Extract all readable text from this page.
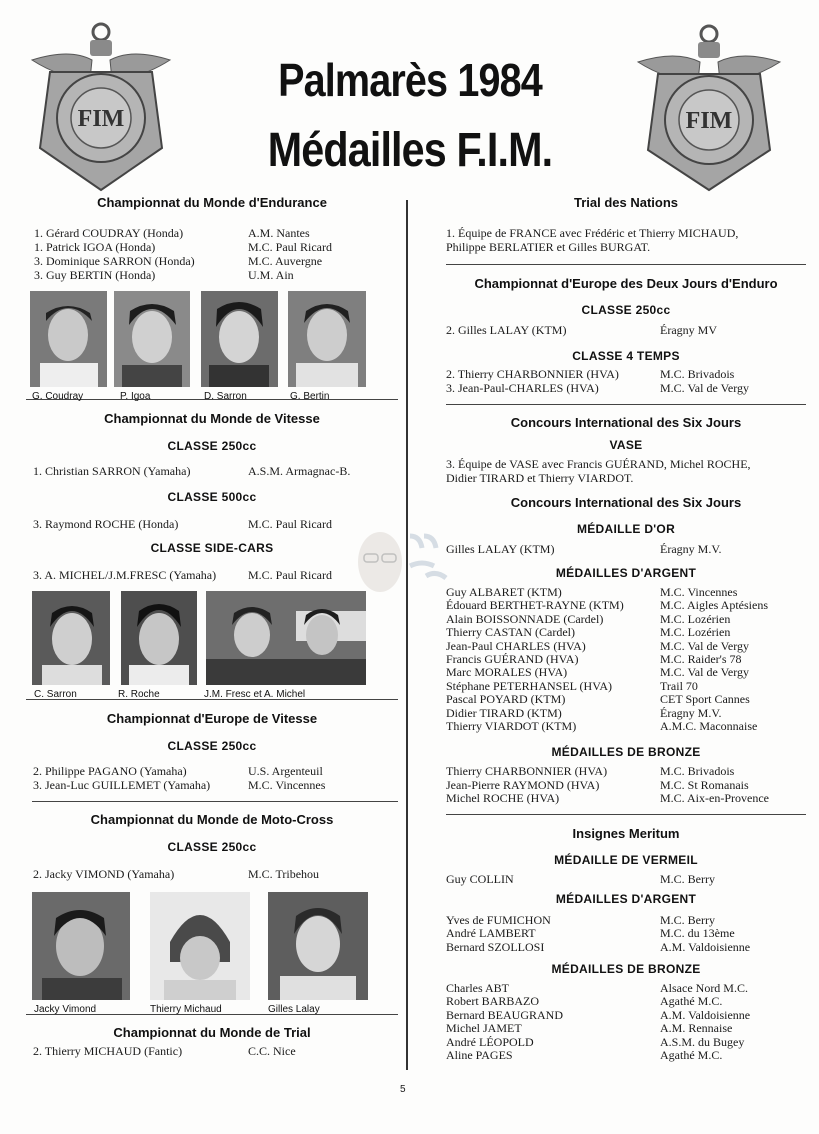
FIM	FIM
Palmarès 1984
Médailles F.I.M.
Championnat du Monde d'Endurance
1. Gérard COUDRAY (Honda)	A.M. Nantes
1. Patrick IGOA (Honda)	M.C. Paul Ricard
3. Dominique SARRON (Honda)	M.C. Auvergne
3. Guy BERTIN (Honda)	U.M. Ain
G. Coudray	P. Igoa	D. Sarron	G. Bertin
Championnat du Monde de Vitesse
CLASSE 250cc
1. Christian SARRON (Yamaha)	A.S.M. Armagnac-B.
CLASSE 500cc
3. Raymond ROCHE (Honda)	M.C. Paul Ricard
CLASSE SIDE-CARS
3. A. MICHEL/J.M.FRESC (Yamaha)	M.C. Paul Ricard
C. Sarron	R. Roche	J.M. Fresc et A. Michel
Championnat d'Europe de Vitesse
CLASSE 250cc
2. Philippe PAGANO (Yamaha)	U.S. Argenteuil
3. Jean-Luc GUILLEMET (Yamaha)	M.C. Vincennes
Championnat du Monde de Moto-Cross
CLASSE 250cc
2. Jacky VIMOND (Yamaha)	M.C. Tribehou
Jacky Vimond	Thierry Michaud	Gilles Lalay
Championnat du Monde de Trial
2. Thierry MICHAUD (Fantic)	C.C. Nice
Trial des Nations
1. Équipe de FRANCE avec Frédéric et Thierry MICHAUD,
Philippe BERLATIER et Gilles BURGAT.
Championnat d'Europe des Deux Jours d'Enduro
CLASSE 250cc
2. Gilles LALAY (KTM)	Éragny MV
CLASSE 4 TEMPS
2. Thierry CHARBONNIER (HVA)	M.C. Brivadois
3. Jean-Paul-CHARLES (HVA)	M.C. Val de Vergy
Concours International des Six Jours
VASE
3. Équipe de VASE avec Francis GUÉRAND, Michel ROCHE,
Didier TIRARD et Thierry VIARDOT.
Concours International des Six Jours
MÉDAILLE D'OR
Gilles LALAY (KTM)	Éragny M.V.
MÉDAILLES D'ARGENT
Guy ALBARET (KTM)	M.C. Vincennes
Édouard BERTHET-RAYNE (KTM)	M.C. Aigles Aptésiens
Alain BOISSONNADE (Cardel)	M.C. Lozérien
Thierry CASTAN (Cardel)	M.C. Lozérien
Jean-Paul CHARLES (HVA)	M.C. Val de Vergy
Francis GUÉRAND (HVA)	M.C. Raider's 78
Marc MORALES (HVA)	M.C. Val de Vergy
Stéphane PETERHANSEL (HVA)	Trail 70
Pascal POYARD (KTM)	CET Sport Cannes
Didier TIRARD (KTM)	Éragny M.V.
Thierry VIARDOT (KTM)	A.M.C. Maconnaise
MÉDAILLES DE BRONZE
Thierry CHARBONNIER (HVA)	M.C. Brivadois
Jean-Pierre RAYMOND (HVA)	M.C. St Romanais
Michel ROCHE (HVA)	M.C. Aix-en-Provence
Insignes Meritum
MÉDAILLE DE VERMEIL
Guy COLLIN	M.C. Berry
MÉDAILLES D'ARGENT
Yves de FUMICHON	M.C. Berry
André LAMBERT	M.C. du 13ème
Bernard SZOLLOSI	A.M. Valdoisienne
MÉDAILLES DE BRONZE
Charles ABT	Alsace Nord M.C.
Robert BARBAZO	Agathé M.C.
Bernard BEAUGRAND	A.M. Valdoisienne
Michel JAMET	A.M. Rennaise
André LÉOPOLD	A.S.M. du Bugey
Aline PAGES	Agathé M.C.
5
